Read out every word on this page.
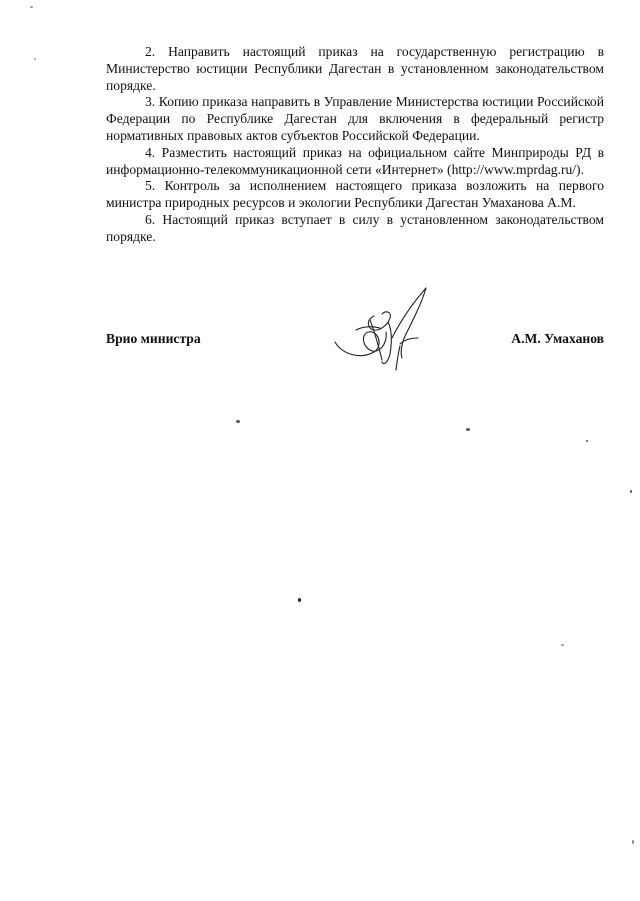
2. Направить настоящий приказ на государственную регистрацию в Министерство юстиции Республики Дагестан в установленном законодательством порядке.

3. Копию приказа направить в Управление Министерства юстиции Российской Федерации по Республике Дагестан для включения в федеральный регистр нормативных правовых актов субъектов Российской Федерации.

4. Разместить настоящий приказ на официальном сайте Минприроды РД в информационно-телекоммуникационной сети «Интернет» (http://www.mprdag.ru/).

5. Контроль за исполнением настоящего приказа возложить на первого министра природных ресурсов и экологии Республики Дагестан Умаханова А.М.

6. Настоящий приказ вступает в силу в установленном законодательством порядке.

Врио министра	А.М. Умаханов
